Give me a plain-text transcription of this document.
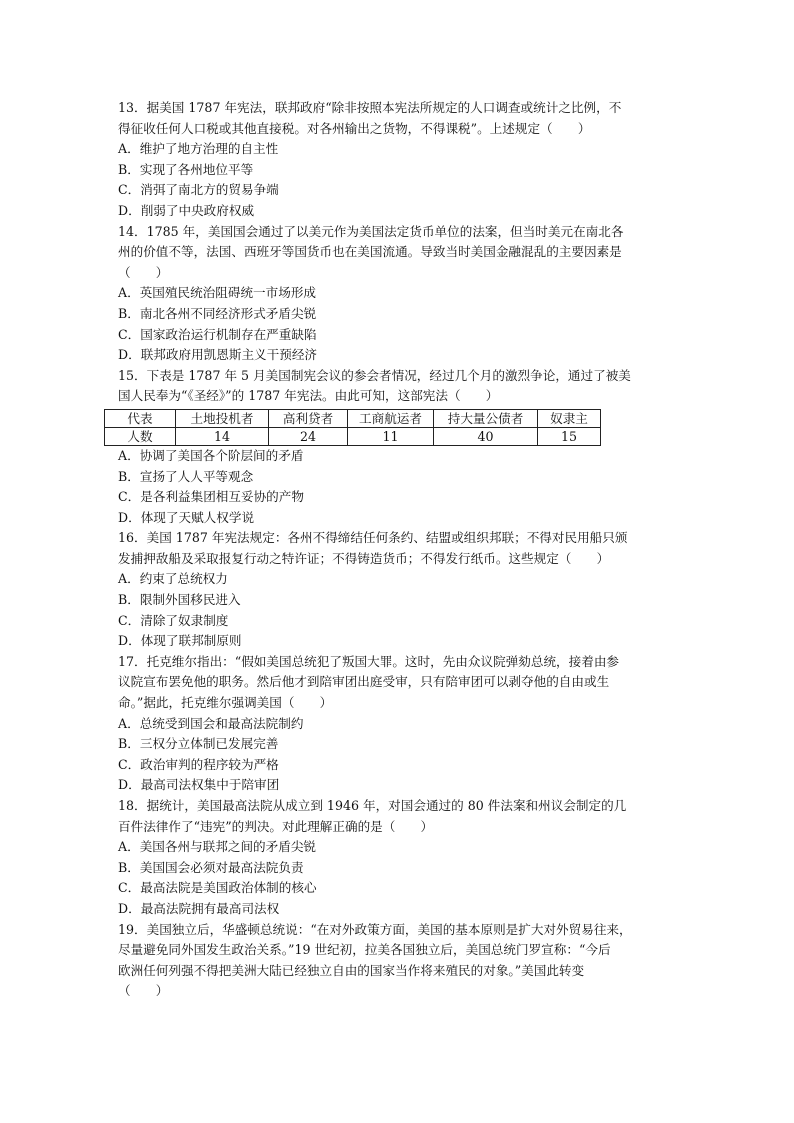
13．据美国 1787 年宪法，联邦政府“除非按照本宪法所规定的人口调查或统计之比例，不
得征收任何人口税或其他直接税。对各州输出之货物，不得课税”。上述规定（　　）
A．维护了地方治理的自主性
B．实现了各州地位平等
C．消弭了南北方的贸易争端
D．削弱了中央政府权威
14．1785 年，美国国会通过了以美元作为美国法定货币单位的法案，但当时美元在南北各
州的价值不等，法国、西班牙等国货币也在美国流通。导致当时美国金融混乱的主要因素是
（　　）
A．英国殖民统治阻碍统一市场形成
B．南北各州不同经济形式矛盾尖锐
C．国家政治运行机制存在严重缺陷
D．联邦政府用凯恩斯主义干预经济
15．下表是 1787 年 5 月美国制宪会议的参会者情况，经过几个月的激烈争论，通过了被美
国人民奉为“《圣经》”的 1787 年宪法。由此可知，这部宪法（　　）
代表	土地投机者	高利贷者	工商航运者	持大量公债者	奴隶主
人数	14	24	11	40	15
A．协调了美国各个阶层间的矛盾
B．宣扬了人人平等观念
C．是各利益集团相互妥协的产物
D．体现了天赋人权学说
16．美国 1787 年宪法规定：各州不得缔结任何条约、结盟或组织邦联；不得对民用船只颁
发捕押敌船及采取报复行动之特许证；不得铸造货币；不得发行纸币。这些规定（　　）
A．约束了总统权力
B．限制外国移民进入
C．清除了奴隶制度
D．体现了联邦制原则
17．托克维尔指出：“假如美国总统犯了叛国大罪。这时，先由众议院弹劾总统，接着由参
议院宣布罢免他的职务。然后他才到陪审团出庭受审，只有陪审团可以剥夺他的自由或生
命。”据此，托克维尔强调美国（　　）
A．总统受到国会和最高法院制约
B．三权分立体制已发展完善
C．政治审判的程序较为严格
D．最高司法权集中于陪审团
18．据统计，美国最高法院从成立到 1946 年，对国会通过的 80 件法案和州议会制定的几
百件法律作了“违宪”的判决。对此理解正确的是（　　）
A．美国各州与联邦之间的矛盾尖锐
B．美国国会必须对最高法院负责
C．最高法院是美国政治体制的核心
D．最高法院拥有最高司法权
19．美国独立后，华盛顿总统说：“在对外政策方面，美国的基本原则是扩大对外贸易往来，
尽量避免同外国发生政治关系。”19 世纪初，拉美各国独立后，美国总统门罗宣称：“今后
欧洲任何列强不得把美洲大陆已经独立自由的国家当作将来殖民的对象。”美国此转变
（　　）
